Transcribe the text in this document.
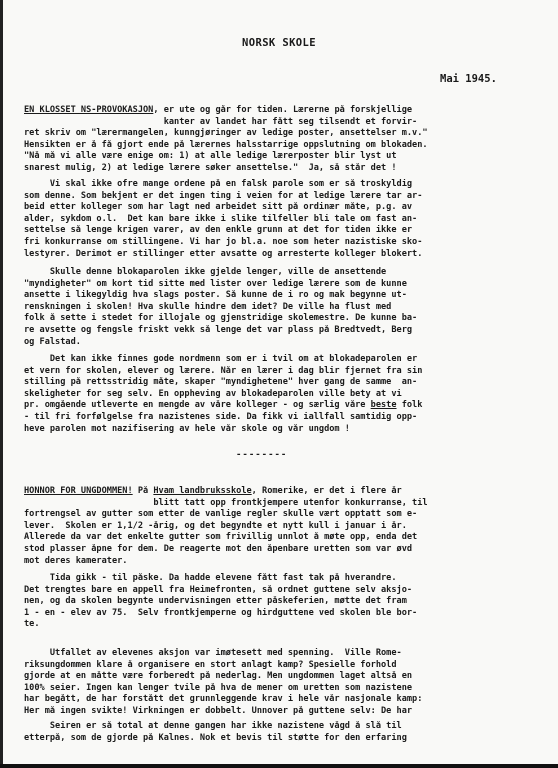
NORSK SKOLE
Mai 1945.
EN KLOSSET NS-PROVOKASJON, er ute og går for tiden. Lærerne på forskjellige
kanter av landet har fått seg tilsendt et forvir-
ret skriv om "lærermangelen, kunngjøringer av ledige poster, ansettelser m.v."
Hensikten er å få gjort ende på lærernes halsstarrige oppslutning om blokaden.
"Nå må vi alle være enige om: 1) at alle ledige lærerposter blir lyst ut
snarest mulig, 2) at ledige lærere søker ansettelse."  Ja, så står det !
Vi skal ikke ofre mange ordene på en falsk parole som er så troskyldig
som denne. Som bekjent er det ingen ting i veien for at ledige lærere tar ar-
beid etter kolleger som har lagt ned arbeidet sitt på ordinær måte, p.g. av
alder, sykdom o.l.  Det kan bare ikke i slike tilfeller bli tale om fast an-
settelse så lenge krigen varer, av den enkle grunn at det for tiden ikke er
fri konkurranse om stillingene. Vi har jo bl.a. noe som heter nazistiske sko-
lestyrer. Derimot er stillinger etter avsatte og arresterte kolleger blokert.
Skulle denne blokaparolen ikke gjelde lenger, ville de ansettende
"myndigheter" om kort tid sitte med lister over ledige lærere som de kunne
ansette i likegyldig hva slags poster. Så kunne de i ro og mak begynne ut-
renskningen i skolen! Hva skulle hindre dem idet? De ville ha flust med
folk å sette i stedet for illojale og gjenstridige skolemestre. De kunne ba-
re avsette og fengsle friskt vekk så lenge det var plass på Bredtvedt, Berg
og Falstad.
Det kan ikke finnes gode nordmenn som er i tvil om at blokadeparolen er
et vern for skolen, elever og lærere. Når en lærer i dag blir fjernet fra sin
stilling på rettsstridig måte, skaper "myndighetene" hver gang de samme  an-
skeligheter for seg selv. En oppheving av blokadeparolen ville bety at vi
pr. omgående utleverte en mengde av våre kolleger - og særlig våre beste folk
- til fri forfølgelse fra nazistenes side. Da fikk vi iallfall samtidig opp-
heve parolen mot nazifisering av hele vår skole og vår ungdom !
--------
HONNÖR FOR UNGDOMMEN! På Hvam landbruksskole, Romerike, er det i flere år
blitt tatt opp frontkjempere utenfor konkurranse, til
fortrengsel av gutter som etter de vanlige regler skulle vært opptatt som e-
lever.  Skolen er 1,1/2 -årig, og det begyndte et nytt kull i januar i år.
Allerede da var det enkelte gutter som frivillig unnlot å møte opp, enda det
stod plasser åpne for dem. De reagerte mot den åpenbare uretten som var øvd
mot deres kamerater.
Tida gikk - til påske. Da hadde elevene fått fast tak på hverandre.
Det trengtes bare en appell fra Heimefronten, så ordnet guttene selv aksjo-
nen, og da skolen begynte undervisningen etter påskeferien, møtte det fram
1 - en - elev av 75.  Selv frontkjemperne og hirdguttene ved skolen ble bor-
te.
Utfallet av elevenes aksjon var imøtesett med spenning.  Ville Rome-
riksungdommen klare å organisere en stort anlagt kamp? Spesielle forhold
gjorde at en måtte være forberedt på nederlag. Men ungdommen laget altså en
100% seier. Ingen kan lenger tvile på hva de mener om uretten som nazistene
har begått, de har forstått det grunnleggende krav i hele vår nasjonale kamp:
Her må ingen svikte! Virkningen er dobbelt. Unnover på guttene selv: De har
Seiren er så total at denne gangen har ikke nazistene vågd å slå til
etterpå, som de gjorde på Kalnes. Nok et bevis til støtte for den erfaring
